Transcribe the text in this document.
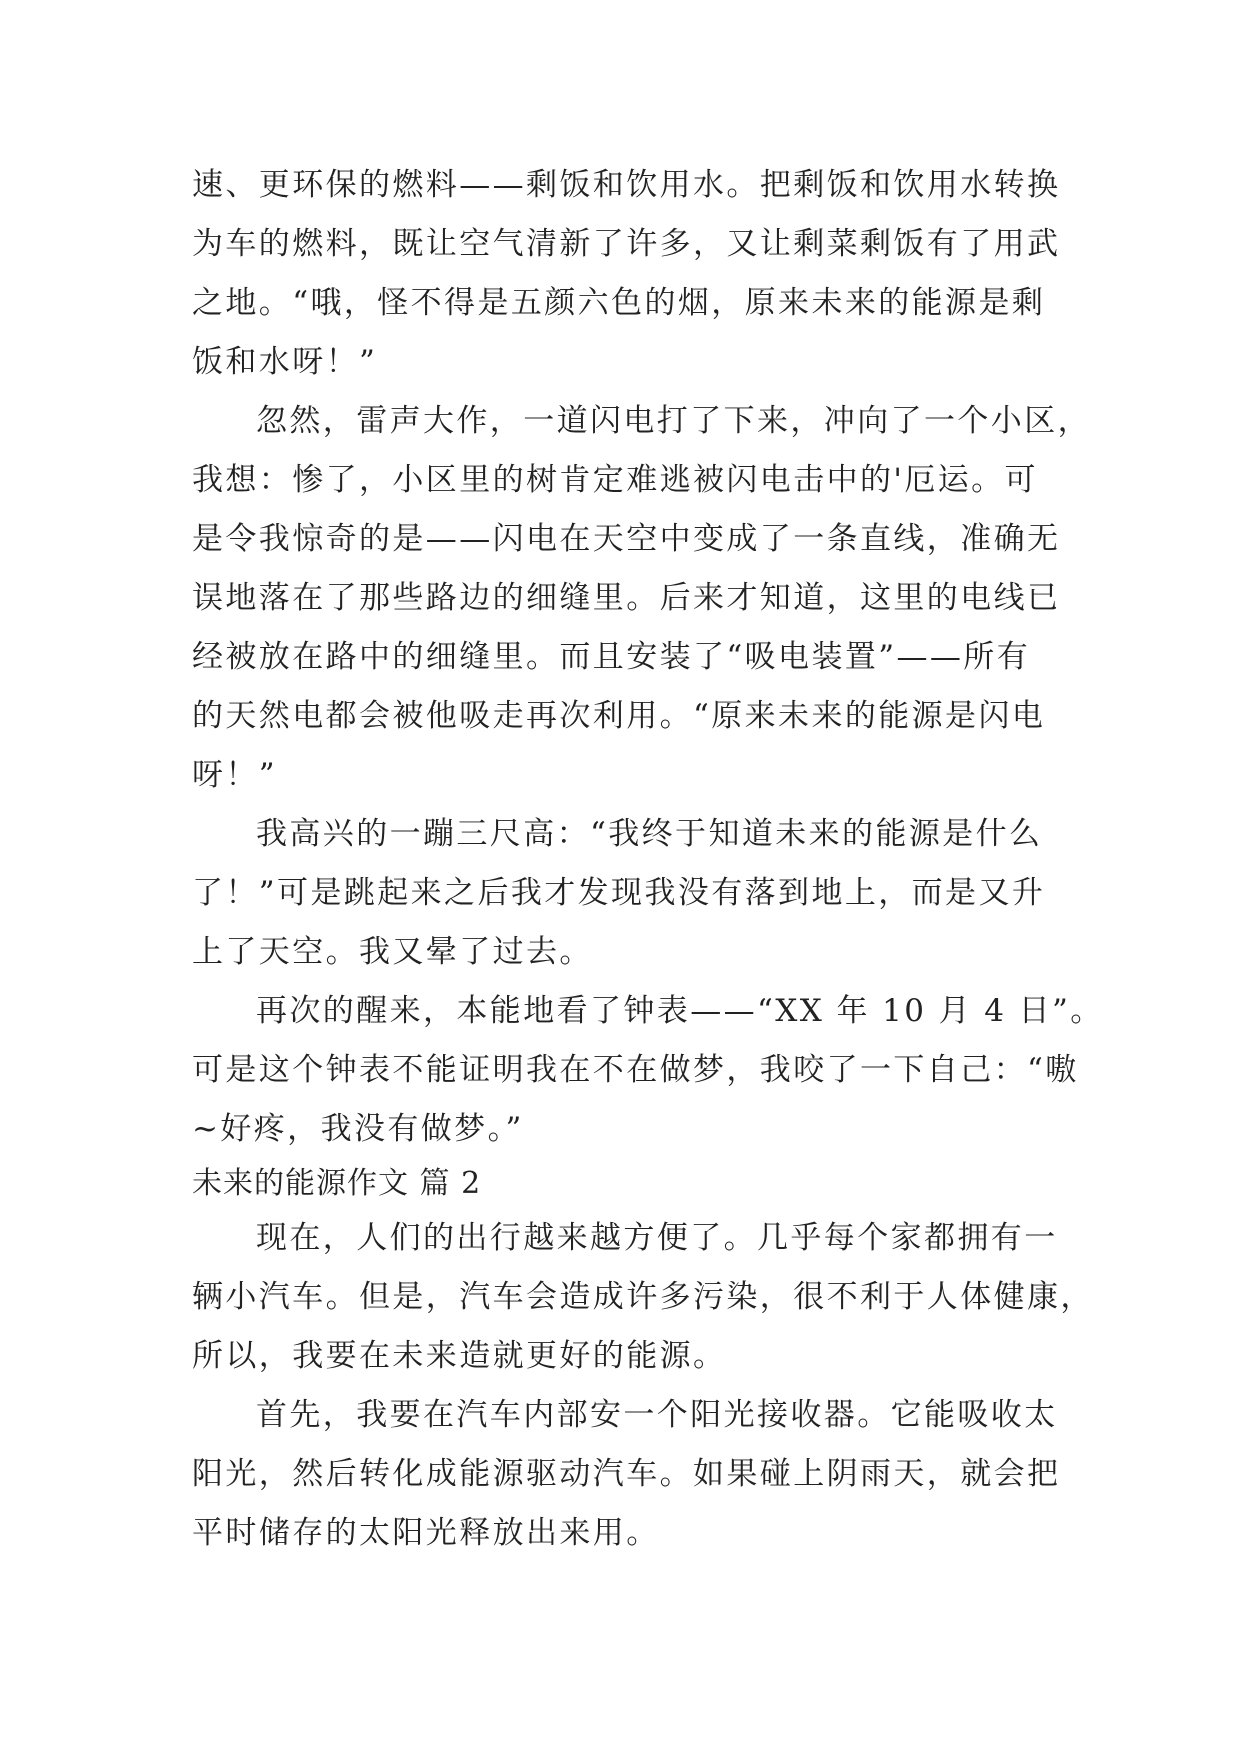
速、更环保的燃料——剩饭和饮用水。把剩饭和饮用水转换
为车的燃料，既让空气清新了许多，又让剩菜剩饭有了用武
之地。“哦，怪不得是五颜六色的烟，原来未来的能源是剩
饭和水呀！”
忽然，雷声大作，一道闪电打了下来，冲向了一个小区，
我想：惨了，小区里的树肯定难逃被闪电击中的'厄运。可
是令我惊奇的是——闪电在天空中变成了一条直线，准确无
误地落在了那些路边的细缝里。后来才知道，这里的电线已
经被放在路中的细缝里。而且安装了“吸电装置”——所有
的天然电都会被他吸走再次利用。“原来未来的能源是闪电
呀！”
我高兴的一蹦三尺高：“我终于知道未来的能源是什么
了！”可是跳起来之后我才发现我没有落到地上，而是又升
上了天空。我又晕了过去。
再次的醒来，本能地看了钟表——“XX 年 10 月 4 日”。
可是这个钟表不能证明我在不在做梦，我咬了一下自己：“嗷
~好疼，我没有做梦。”
未来的能源作文 篇 2
现在，人们的出行越来越方便了。几乎每个家都拥有一
辆小汽车。但是，汽车会造成许多污染，很不利于人体健康，
所以，我要在未来造就更好的能源。
首先，我要在汽车内部安一个阳光接收器。它能吸收太
阳光，然后转化成能源驱动汽车。如果碰上阴雨天，就会把
平时储存的太阳光释放出来用。
